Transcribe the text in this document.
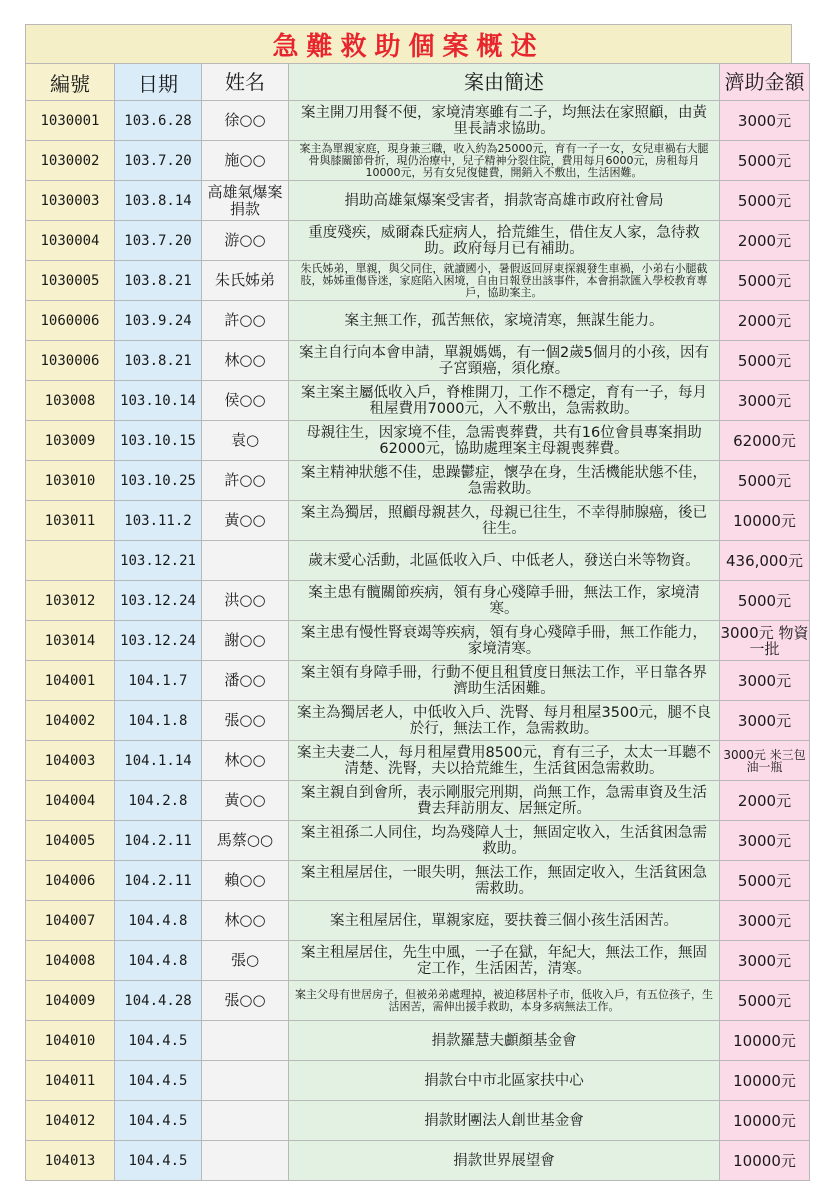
急難救助個案概述
編號	日期	姓名	案由簡述	濟助金額
1030001	103.6.28	徐○○	案主開刀用餐不便，家境清寒雖有二子，均無法在家照顧，由黃里長請求協助。	3000元
1030002	103.7.20	施○○	案主為單親家庭，現身兼三職，收入約為25000元，育有一子一女，女兒車禍右大腿骨與膝關節骨折，現仍治療中，兒子精神分裂住院，費用每月6000元，房租每月10000元，另有女兒復健費，開銷入不敷出，生活困難。	5000元
1030003	103.8.14	高雄氣爆案捐款	捐助高雄氣爆案受害者，捐款寄高雄市政府社會局	5000元
1030004	103.7.20	游○○	重度殘疾，威爾森氏症病人，拾荒維生，借住友人家，急待救助。政府每月已有補助。	2000元
1030005	103.8.21	朱氏姊弟	朱氏姊弟，單親，與父同住，就讀國小，暑假返回屏東探親發生車禍，小弟右小腿截肢，姊姊重傷昏迷，家庭陷入困境，自由日報登出該事件，本會捐款匯入學校教育專戶，協助案主。	5000元
1060006	103.9.24	許○○	案主無工作，孤苦無依，家境清寒，無謀生能力。	2000元
1030006	103.8.21	林○○	案主自行向本會申請，單親媽媽，有一個2歲5個月的小孩，因有子宮頸癌，須化療。	5000元
103008	103.10.14	侯○○	案主案主屬低收入戶，脊椎開刀，工作不穩定，育有一子，每月租屋費用7000元，入不敷出，急需救助。	3000元
103009	103.10.15	袁○	母親往生，因家境不佳，急需喪葬費，共有16位會員專案捐助62000元，協助處理案主母親喪葬費。	62000元
103010	103.10.25	許○○	案主精神狀態不佳，患躁鬱症，懷孕在身，生活機能狀態不佳，急需救助。	5000元
103011	103.11.2	黃○○	案主為獨居，照顧母親甚久，母親已往生，不幸得肺腺癌，後已往生。	10000元
	103.12.21		歲末愛心活動，北區低收入戶、中低老人，發送白米等物資。	436,000元
103012	103.12.24	洪○○	案主患有髖關節疾病，領有身心殘障手冊，無法工作，家境清寒。	5000元
103014	103.12.24	謝○○	案主患有慢性腎衰竭等疾病，領有身心殘障手冊，無工作能力，家境清寒。	3000元 物資一批
104001	104.1.7	潘○○	案主領有身障手冊，行動不便且租賃度日無法工作，平日靠各界濟助生活困難。	3000元
104002	104.1.8	張○○	案主為獨居老人，中低收入戶、洗腎、每月租屋3500元，腿不良於行，無法工作，急需救助。	3000元
104003	104.1.14	林○○	案主夫妻二人，每月租屋費用8500元，育有三子，太太一耳聽不清楚、洗腎，夫以拾荒維生，生活貧困急需救助。	3000元 米三包 油一瓶
104004	104.2.8	黃○○	案主親自到會所，表示剛服完刑期，尚無工作，急需車資及生活費去拜訪朋友、居無定所。	2000元
104005	104.2.11	馬蔡○○	案主祖孫二人同住，均為殘障人士，無固定收入，生活貧困急需救助。	3000元
104006	104.2.11	賴○○	案主租屋居住，一眼失明，無法工作，無固定收入，生活貧困急需救助。	5000元
104007	104.4.8	林○○	案主租屋居住，單親家庭，要扶養三個小孩生活困苦。	3000元
104008	104.4.8	張○	案主租屋居住，先生中風，一子在獄，年紀大，無法工作，無固定工作，生活困苦，清寒。	3000元
104009	104.4.28	張○○	案主父母有世居房子，但被弟弟處理掉，被迫移居朴子市，低收入戶，有五位孩子，生活困苦，需伸出援手救助，本身多病無法工作。	5000元
104010	104.4.5		捐款羅慧夫顱顏基金會	10000元
104011	104.4.5		捐款台中市北區家扶中心	10000元
104012	104.4.5		捐款財團法人創世基金會	10000元
104013	104.4.5		捐款世界展望會	10000元
